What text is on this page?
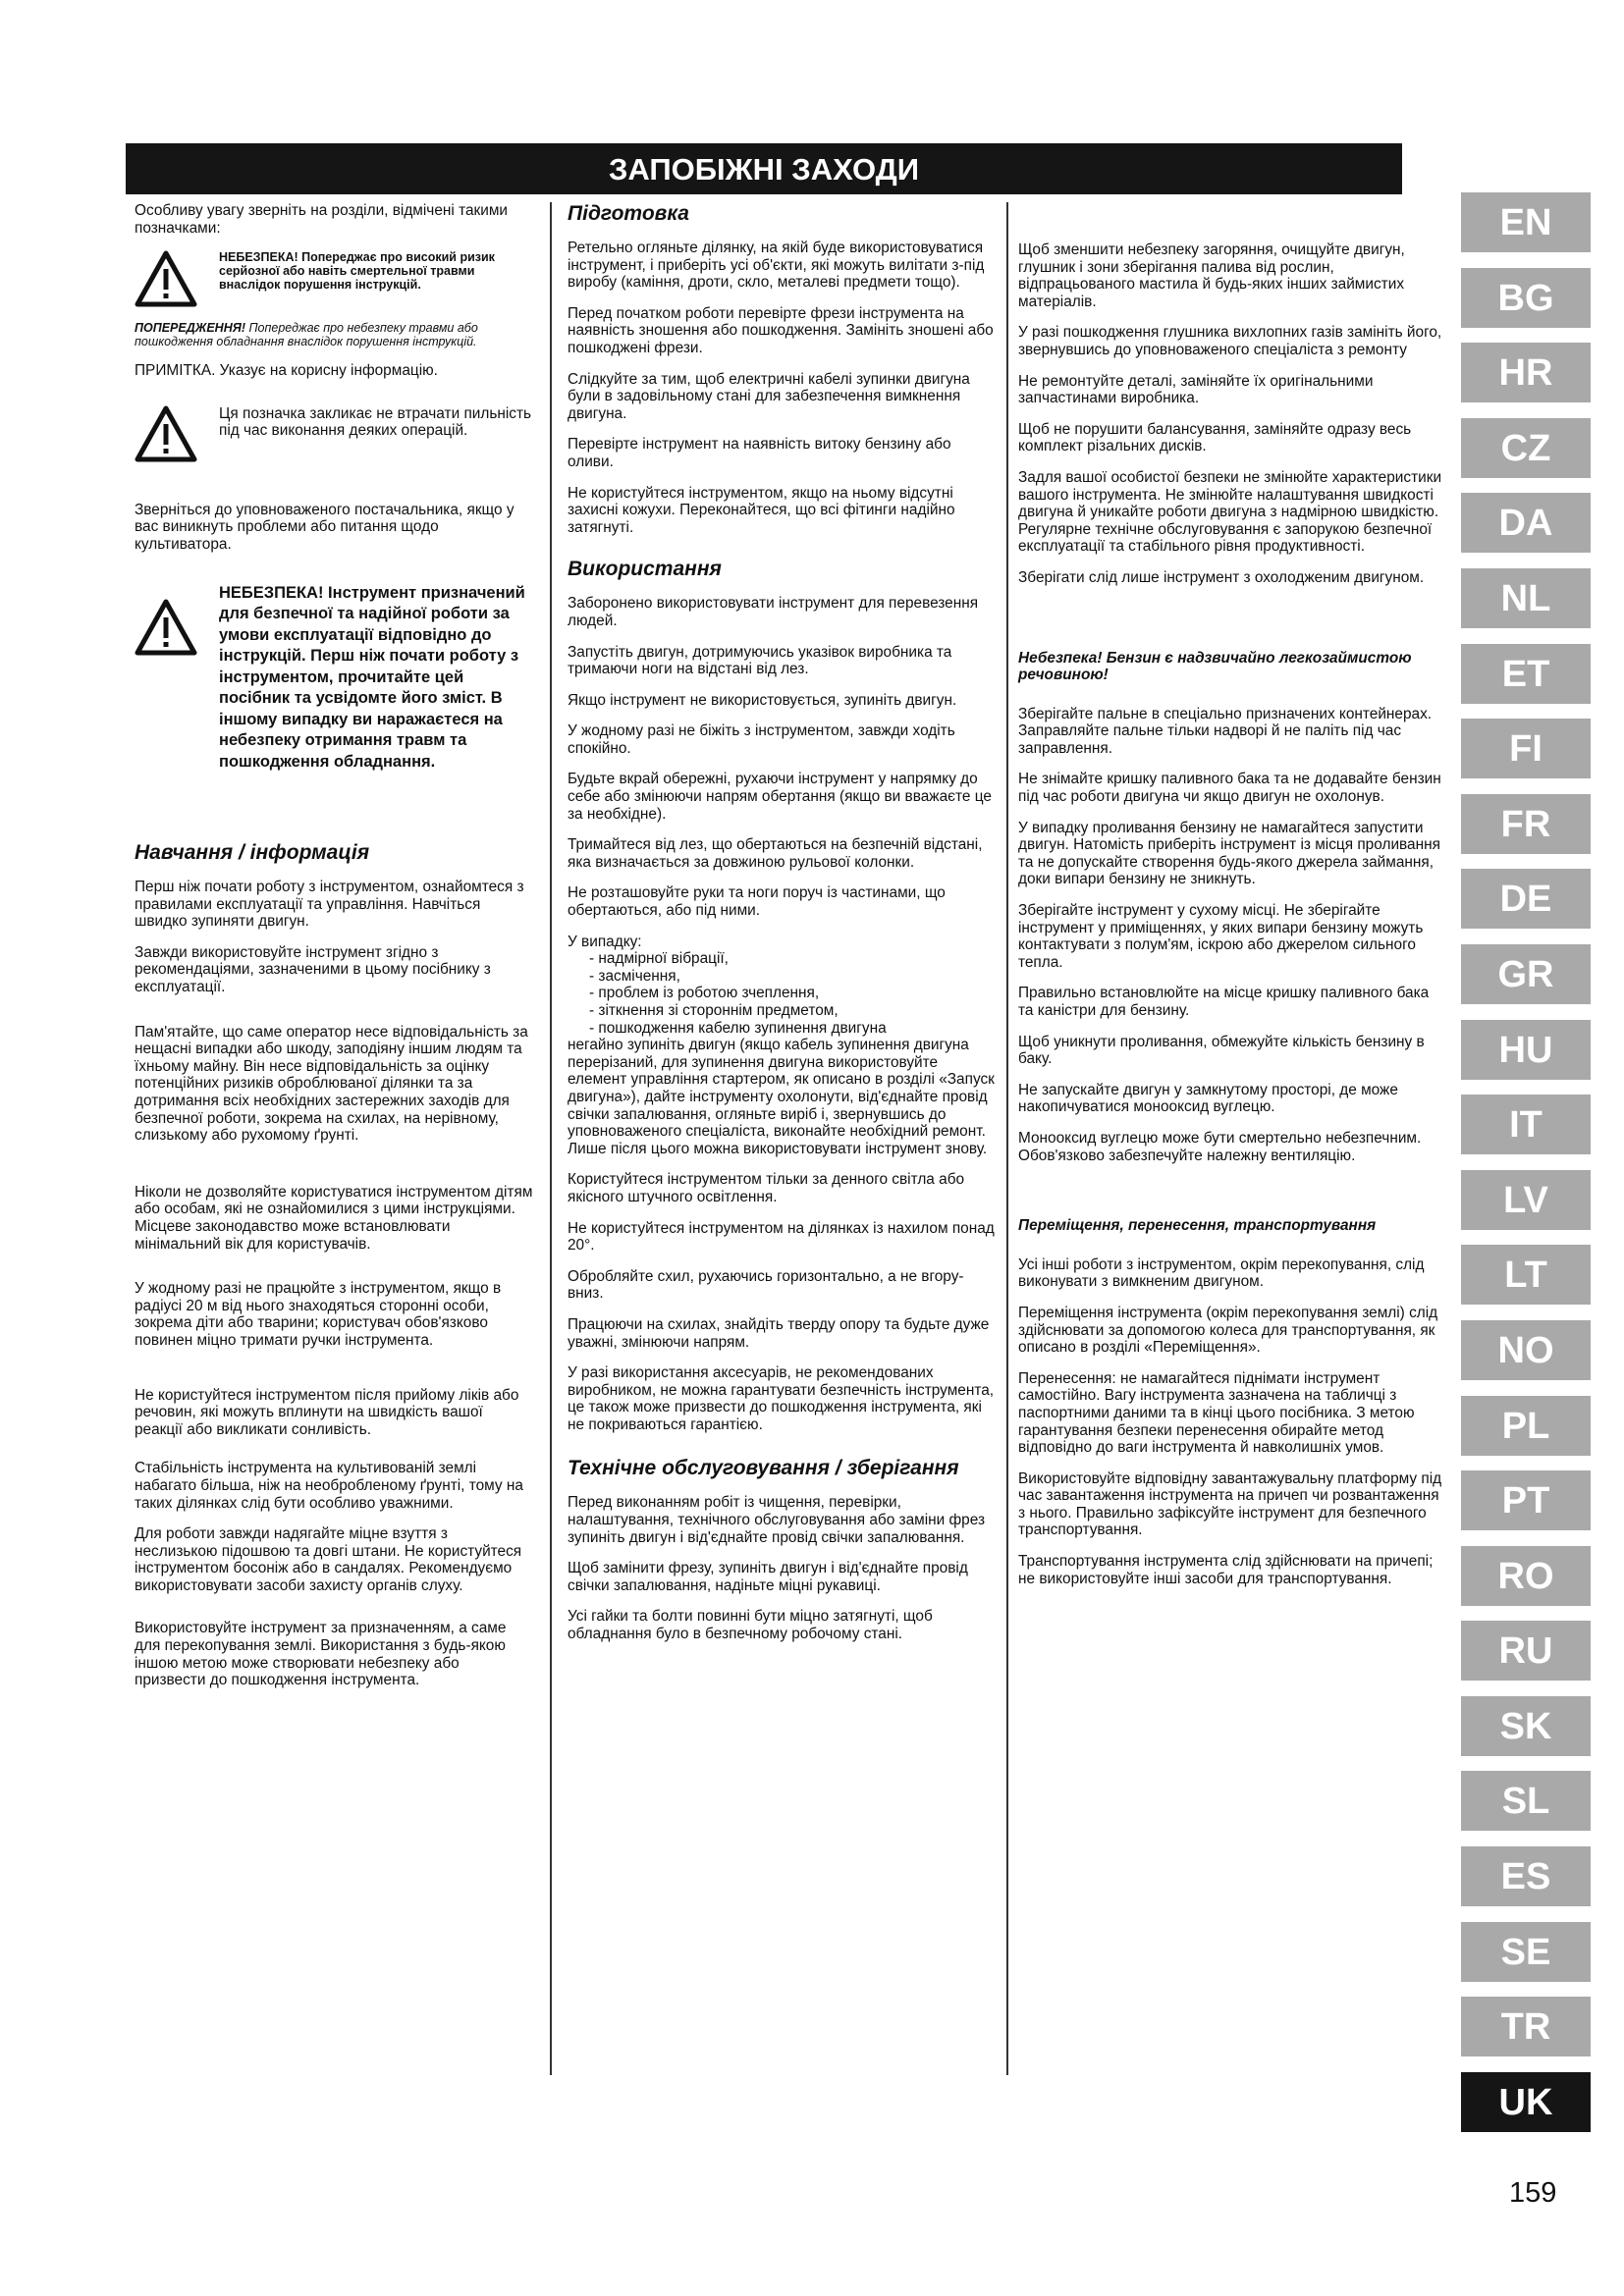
ЗАПОБІЖНІ ЗАХОДИ

Особливу увагу зверніть на розділи, відмічені такими позначками:

НЕБЕЗПЕКА! Попереджає про високий ризик серйозної або навіть смертельної травми внаслідок порушення інструкцій.

ПОПЕРЕДЖЕННЯ! Попереджає про небезпеку травми або пошкодження обладнання внаслідок порушення інструкцій.

ПРИМІТКА. Указує на корисну інформацію.

Ця позначка закликає не втрачати пильність під час виконання деяких операцій.

Зверніться до уповноваженого постачальника, якщо у вас виникнуть проблеми або питання щодо культиватора.

НЕБЕЗПЕКА! Інструмент призначений для безпечної та надійної роботи за умови експлуатації відповідно до інструкцій. Перш ніж почати роботу з інструментом, прочитайте цей посібник та усвідомте його зміст. В іншому випадку ви наражаєтеся на небезпеку отримання травм та пошкодження обладнання.
Навчання / інформація

Перш ніж почати роботу з інструментом, ознайомтеся з правилами експлуатації та управління. Навчіться швидко зупиняти двигун.

Завжди використовуйте інструмент згідно з рекомендаціями, зазначеними в цьому посібнику з експлуатації.

Пам'ятайте, що саме оператор несе відповідальність за нещасні випадки або шкоду, заподіяну іншим людям та їхньому майну. Він несе відповідальність за оцінку потенційних ризиків оброблюваної ділянки та за дотримання всіх необхідних застережних заходів для безпечної роботи, зокрема на схилах, на нерівному, слизькому або рухомому ґрунті.

Ніколи не дозволяйте користуватися інструментом дітям або особам, які не ознайомилися з цими інструкціями. Місцеве законодавство може встановлювати мінімальний вік для користувачів.

У жодному разі не працюйте з інструментом, якщо в радіусі 20 м від нього знаходяться сторонні особи, зокрема діти або тварини; користувач обов'язково повинен міцно тримати ручки інструмента.

Не користуйтеся інструментом після прийому ліків або речовин, які можуть вплинути на швидкість вашої реакції або викликати сонливість.

Стабільність інструмента на культивованій землі набагато більша, ніж на необробленому ґрунті, тому на таких ділянках слід бути особливо уважними.

Для роботи завжди надягайте міцне взуття з неслизькою підошвою та довгі штани. Не користуйтеся інструментом босоніж або в сандалях. Рекомендуємо використовувати засоби захисту органів слуху.

Використовуйте інструмент за призначенням, а саме для перекопування землі. Використання з будь-якою іншою метою може створювати небезпеку або призвести до пошкодження інструмента.

Підготовка

Ретельно огляньте ділянку, на якій буде використовуватися інструмент, і приберіть усі об'єкти, які можуть вилітати з-під виробу (каміння, дроти, скло, металеві предмети тощо).

Перед початком роботи перевірте фрези інструмента на наявність зношення або пошкодження. Замініть зношені або пошкоджені фрези.

Слідкуйте за тим, щоб електричні кабелі зупинки двигуна були в задовільному стані для забезпечення вимкнення двигуна.

Перевірте інструмент на наявність витоку бензину або оливи.

Не користуйтеся інструментом, якщо на ньому відсутні захисні кожухи. Переконайтеся, що всі фітинги надійно затягнуті.

Використання

Заборонено використовувати інструмент для перевезення людей.

Запустіть двигун, дотримуючись указівок виробника та тримаючи ноги на відстані від лез.

Якщо інструмент не використовується, зупиніть двигун.

У жодному разі не біжіть з інструментом, завжди ходіть спокійно.

Будьте вкрай обережні, рухаючи інструмент у напрямку до себе або змінюючи напрям обертання (якщо ви вважаєте це за необхідне).

Тримайтеся від лез, що обертаються на безпечній відстані, яка визначається за довжиною рульової колонки.

Не розташовуйте руки та ноги поруч із частинами, що обертаються, або під ними.

У випадку:
- надмірної вібрації,
- засмічення,
- проблем із роботою зчеплення,
- зіткнення зі стороннім предметом,
- пошкодження кабелю зупинення двигуна
негайно зупиніть двигун (якщо кабель зупинення двигуна перерізаний, для зупинення двигуна використовуйте елемент управління стартером, як описано в розділі «Запуск двигуна»), дайте інструменту охолонути, від'єднайте провід свічки запалювання, огляньте виріб і, звернувшись до уповноваженого спеціаліста, виконайте необхідний ремонт. Лише після цього можна використовувати інструмент знову.

Користуйтеся інструментом тільки за денного світла або якісного штучного освітлення.

Не користуйтеся інструментом на ділянках із нахилом понад 20°.

Обробляйте схил, рухаючись горизонтально, а не вгору-вниз.

Працюючи на схилах, знайдіть тверду опору та будьте дуже уважні, змінюючи напрям.

У разі використання аксесуарів, не рекомендованих виробником, не можна гарантувати безпечність інструмента, це також може призвести до пошкодження інструмента, які не покриваються гарантією.

Технічне обслуговування / зберігання

Перед виконанням робіт із чищення, перевірки, налаштування, технічного обслуговування або заміни фрез зупиніть двигун і від'єднайте провід свічки запалювання.

Щоб замінити фрезу, зупиніть двигун і від'єднайте провід свічки запалювання, надіньте міцні рукавиці.

Усі гайки та болти повинні бути міцно затягнуті, щоб обладнання було в безпечному робочому стані.

Щоб зменшити небезпеку загоряння, очищуйте двигун, глушник і зони зберігання палива від рослин, відпрацьованого мастила й будь-яких інших займистих матеріалів.

У разі пошкодження глушника вихлопних газів замініть його, звернувшись до уповноваженого спеціаліста з ремонту

Не ремонтуйте деталі, заміняйте їх оригінальними запчастинами виробника.

Щоб не порушити балансування, заміняйте одразу весь комплект різальних дисків.

Задля вашої особистої безпеки не змінюйте характеристики вашого інструмента. Не змінюйте налаштування швидкості двигуна й уникайте роботи двигуна з надмірною швидкістю. Регулярне технічне обслуговування є запорукою безпечної експлуатації та стабільного рівня продуктивності.

Зберігати слід лише інструмент з охолодженим двигуном.

Небезпека! Бензин є надзвичайно легкозаймистою речовиною!

Зберігайте пальне в спеціально призначених контейнерах. Заправляйте пальне тільки надворі й не паліть під час заправлення.

Не знімайте кришку паливного бака та не додавайте бензин під час роботи двигуна чи якщо двигун не охолонув.

У випадку проливання бензину не намагайтеся запустити двигун. Натомість приберіть інструмент із місця проливання та не допускайте створення будь-якого джерела займання, доки випари бензину не зникнуть.

Зберігайте інструмент у сухому місці. Не зберігайте інструмент у приміщеннях, у яких випари бензину можуть контактувати з полум'ям, іскрою або джерелом сильного тепла.

Правильно встановлюйте на місце кришку паливного бака та каністри для бензину.

Щоб уникнути проливання, обмежуйте кількість бензину в баку.

Не запускайте двигун у замкнутому просторі, де може накопичуватися монооксид вуглецю.

Монооксид вуглецю може бути смертельно небезпечним. Обов'язково забезпечуйте належну вентиляцію.

Переміщення, перенесення, транспортування

Усі інші роботи з інструментом, окрім перекопування, слід виконувати з вимкненим двигуном.

Переміщення інструмента (окрім перекопування землі) слід здійснювати за допомогою колеса для транспортування, як описано в розділі «Переміщення».

Перенесення: не намагайтеся піднімати інструмент самостійно. Вагу інструмента зазначена на табличці з паспортними даними та в кінці цього посібника. З метою гарантування безпеки перенесення обирайте метод відповідно до ваги інструмента й навколишніх умов.

Використовуйте відповідну завантажувальну платформу під час завантаження інструмента на причеп чи розвантаження з нього. Правильно зафіксуйте інструмент для безпечного транспортування.

Транспортування інструмента слід здійснювати на причепі; не використовуйте інші засоби для транспортування.

EN
BG
HR
CZ
DA
NL
ET
FI
FR
DE
GR
HU
IT
LV
LT
NO
PL
PT
RO
RU
SK
SL
ES
SE
TR
UK
159
